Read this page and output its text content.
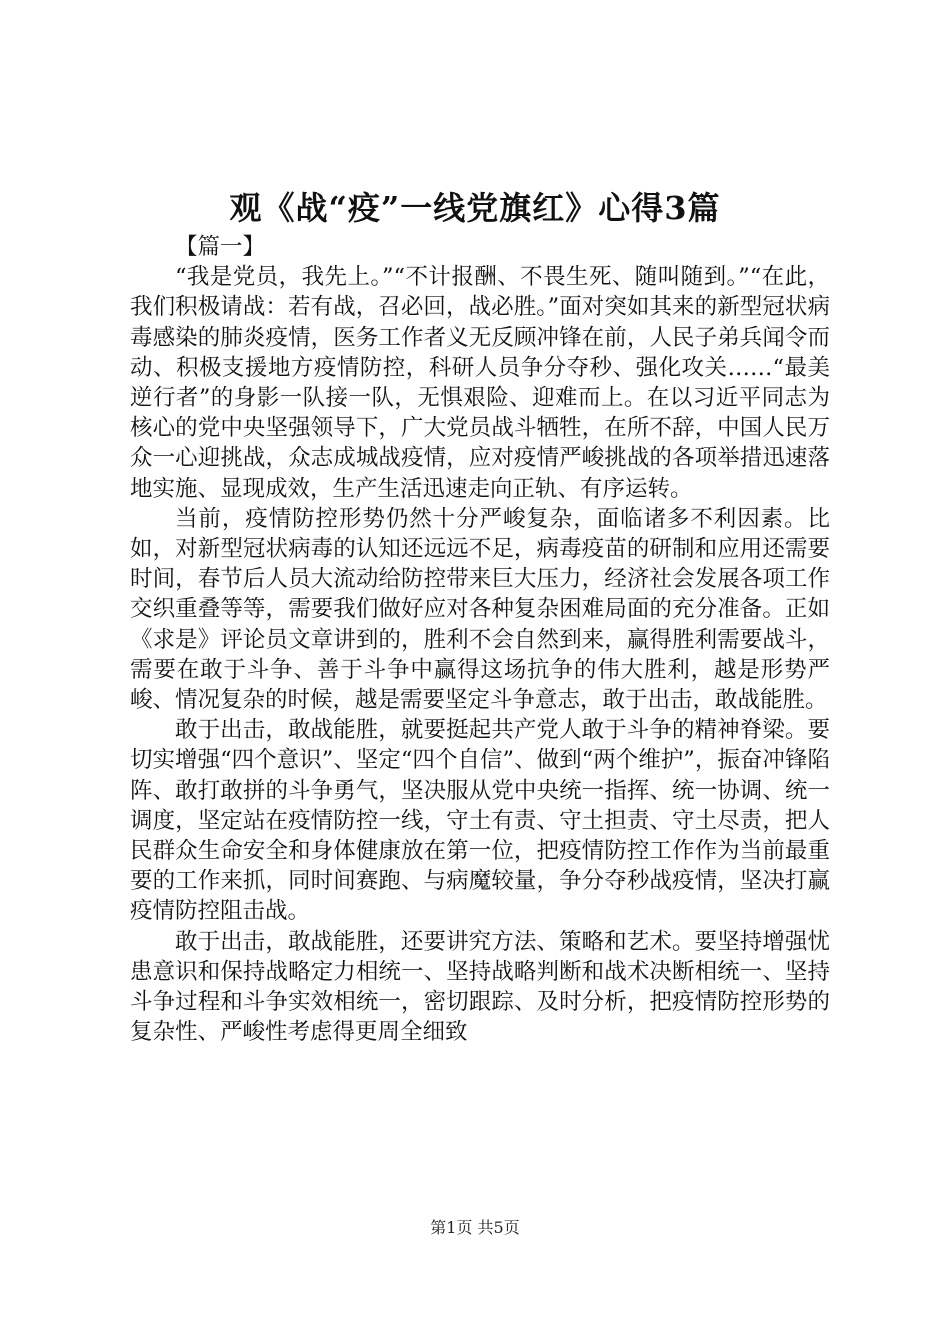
观《战“疫”一线党旗红》心得3篇

【篇一】

“我是党员，我先上。”“不计报酬、不畏生死、随叫随到。”“在此，我们积极请战：若有战，召必回，战必胜。”面对突如其来的新型冠状病毒感染的肺炎疫情，医务工作者义无反顾冲锋在前，人民子弟兵闻令而动、积极支援地方疫情防控，科研人员争分夺秒、强化攻关……“最美逆行者”的身影一队接一队，无惧艰险、迎难而上。在以习近平同志为核心的党中央坚强领导下，广大党员战斗牺牲，在所不辞，中国人民万众一心迎挑战，众志成城战疫情，应对疫情严峻挑战的各项举措迅速落地实施、显现成效，生产生活迅速走向正轨、有序运转。

当前，疫情防控形势仍然十分严峻复杂，面临诸多不利因素。比如，对新型冠状病毒的认知还远远不足，病毒疫苗的研制和应用还需要时间，春节后人员大流动给防控带来巨大压力，经济社会发展各项工作交织重叠等等，需要我们做好应对各种复杂困难局面的充分准备。正如《求是》评论员文章讲到的，胜利不会自然到来，赢得胜利需要战斗，需要在敢于斗争、善于斗争中赢得这场抗争的伟大胜利，越是形势严峻、情况复杂的时候，越是需要坚定斗争意志，敢于出击，敢战能胜。

敢于出击，敢战能胜，就要挺起共产党人敢于斗争的精神脊梁。要切实增强“四个意识”、坚定“四个自信”、做到“两个维护”，振奋冲锋陷阵、敢打敢拼的斗争勇气，坚决服从党中央统一指挥、统一协调、统一调度，坚定站在疫情防控一线，守土有责、守土担责、守土尽责，把人民群众生命安全和身体健康放在第一位，把疫情防控工作作为当前最重要的工作来抓，同时间赛跑、与病魔较量，争分夺秒战疫情，坚决打赢疫情防控阻击战。

敢于出击，敢战能胜，还要讲究方法、策略和艺术。要坚持增强忧患意识和保持战略定力相统一、坚持战略判断和战术决断相统一、坚持斗争过程和斗争实效相统一，密切跟踪、及时分析，把疫情防控形势的复杂性、严峻性考虑得更周全细致

第1页 共5页
